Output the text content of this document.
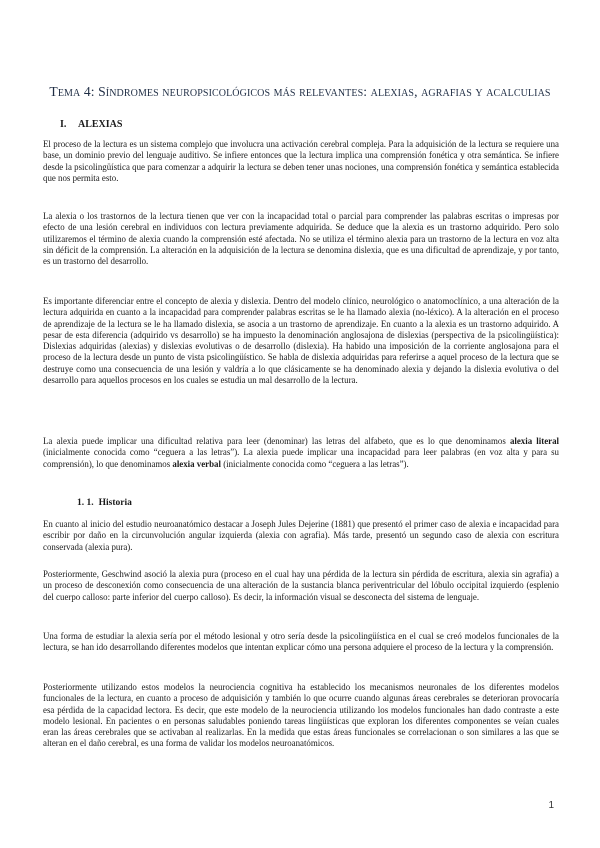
Tema 4: Síndromes neuropsicológicos más relevantes: alexias, agrafias y acalculias
I. ALEXIAS
El proceso de la lectura es un sistema complejo que involucra una activación cerebral compleja. Para la adquisición de la lectura se requiere una base, un dominio previo del lenguaje auditivo. Se infiere entonces que la lectura implica una comprensión fonética y otra semántica. Se infiere desde la psicolingüística que para comenzar a adquirir la lectura se deben tener unas nociones, una comprensión fonética y semántica establecida que nos permita esto.
La alexia o los trastornos de la lectura tienen que ver con la incapacidad total o parcial para comprender las palabras escritas o impresas por efecto de una lesión cerebral en individuos con lectura previamente adquirida. Se deduce que la alexia es un trastorno adquirido. Pero solo utilizaremos el término de alexia cuando la comprensión esté afectada. No se utiliza el término alexia para un trastorno de la lectura en voz alta sin déficit de la comprensión. La alteración en la adquisición de la lectura se denomina dislexia, que es una dificultad de aprendizaje, y por tanto, es un trastorno del desarrollo.
Es importante diferenciar entre el concepto de alexia y dislexia. Dentro del modelo clínico, neurológico o anatomoclínico, a una alteración de la lectura adquirida en cuanto a la incapacidad para comprender palabras escritas se le ha llamado alexia (no-léxico). A la alteración en el proceso de aprendizaje de la lectura se le ha llamado dislexia, se asocia a un trastorno de aprendizaje. En cuanto a la alexia es un trastorno adquirido. A pesar de esta diferencia (adquirido vs desarrollo) se ha impuesto la denominación anglosajona de dislexias (perspectiva de la psicolingüística): Dislexias adquiridas (alexias) y dislexias evolutivas o de desarrollo (dislexia). Ha habido una imposición de la corriente anglosajona para el proceso de la lectura desde un punto de vista psicolingüístico. Se habla de dislexia adquiridas para referirse a aquel proceso de la lectura que se destruye como una consecuencia de una lesión y valdría a lo que clásicamente se ha denominado alexia y dejando la dislexia evolutiva o del desarrollo para aquellos procesos en los cuales se estudia un mal desarrollo de la lectura.
La alexia puede implicar una dificultad relativa para leer (denominar) las letras del alfabeto, que es lo que denominamos alexia literal (inicialmente conocida como “ceguera a las letras”). La alexia puede implicar una incapacidad para leer palabras (en voz alta y para su comprensión), lo que denominamos alexia verbal (inicialmente conocida como “ceguera a las letras”).
1. 1. Historia
En cuanto al inicio del estudio neuroanatómico destacar a Joseph Jules Dejerine (1881) que presentó el primer caso de alexia e incapacidad para escribir por daño en la circunvolución angular izquierda (alexia con agrafia). Más tarde, presentó un segundo caso de alexia con escritura conservada (alexia pura).
Posteriormente, Geschwind asoció la alexia pura (proceso en el cual hay una pérdida de la lectura sin pérdida de escritura, alexia sin agrafia) a un proceso de desconexión como consecuencia de una alteración de la sustancia blanca periventricular del lóbulo occipital izquierdo (esplenio del cuerpo calloso: parte inferior del cuerpo calloso). Es decir, la información visual se desconecta del sistema de lenguaje.
Una forma de estudiar la alexia sería por el método lesional y otro sería desde la psicolingüística en el cual se creó modelos funcionales de la lectura, se han ido desarrollando diferentes modelos que intentan explicar cómo una persona adquiere el proceso de la lectura y la comprensión.
Posteriormente utilizando estos modelos la neurociencia cognitiva ha establecido los mecanismos neuronales de los diferentes modelos funcionales de la lectura, en cuanto a proceso de adquisición y también lo que ocurre cuando algunas áreas cerebrales se deterioran provocaría esa pérdida de la capacidad lectora. Es decir, que este modelo de la neurociencia utilizando los modelos funcionales han dado contraste a este modelo lesional. En pacientes o en personas saludables poniendo tareas lingüísticas que exploran los diferentes componentes se veían cuales eran las áreas cerebrales que se activaban al realizarlas. En la medida que estas áreas funcionales se correlacionan o son similares a las que se alteran en el daño cerebral, es una forma de validar los modelos neuroanatómicos.
1
